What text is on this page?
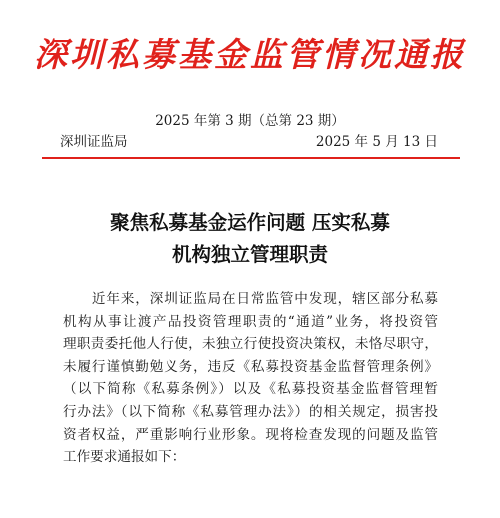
深圳私募基金监管情况通报
2025 年第 3 期（总第 23 期）
深圳证监局	2025 年 5 月 13 日
聚焦私募基金运作问题 压实私募
机构独立管理职责
　　近年来，深圳证监局在日常监管中发现，辖区部分私募
机构从事让渡产品投资管理职责的“通道”业务，将投资管
理职责委托他人行使，未独立行使投资决策权，未恪尽职守，
未履行谨慎勤勉义务，违反《私募投资基金监督管理条例》
（以下简称《私募条例》）以及《私募投资基金监督管理暂
行办法》（以下简称《私募管理办法》）的相关规定，损害投
资者权益，严重影响行业形象。现将检查发现的问题及监管
工作要求通报如下：
